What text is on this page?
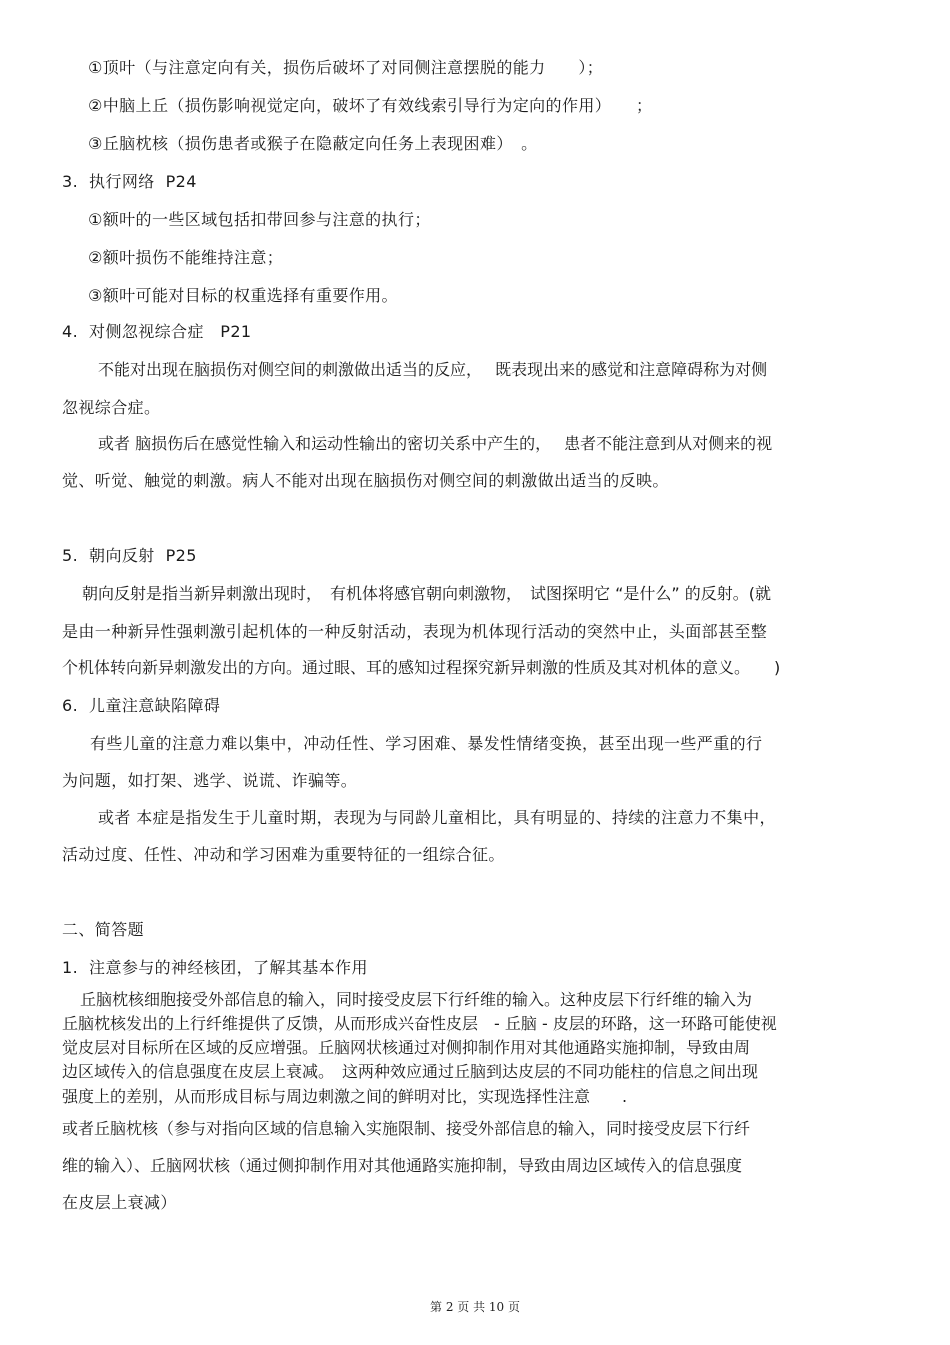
①顶叶（与注意定向有关，损伤后破坏了对同侧注意摆脱的能力　　）；
②中脑上丘（损伤影响视觉定向，破坏了有效线索引导行为定向的作用）　　；
③丘脑枕核（损伤患者或猴子在隐蔽定向任务上表现困难）　。
3.  执行网络  P24
①额叶的一些区域包括扣带回参与注意的执行；
②额叶损伤不能维持注意；
③额叶可能对目标的权重选择有重要作用。
4.  对侧忽视综合症   P21
不能对出现在脑损伤对侧空间的刺激做出适当的反应，　 既表现出来的感觉和注意障碍称为对侧
忽视综合症。
或者 脑损伤后在感觉性输入和运动性输出的密切关系中产生的，　 患者不能注意到从对侧来的视
觉、听觉、触觉的刺激。病人不能对出现在脑损伤对侧空间的刺激做出适当的反映。
5.  朝向反射  P25
朝向反射是指当新异刺激出现时，　有机体将感官朝向刺激物，　试图探明它 “是什么” 的反射。(就
是由一种新异性强刺激引起机体的一种反射活动，表现为机体现行活动的突然中止，头面部甚至整
个机体转向新异刺激发出的方向。通过眼、耳的感知过程探究新异刺激的性质及其对机体的意义。　　)
6.  儿童注意缺陷障碍
有些儿童的注意力难以集中，冲动任性、学习困难、暴发性情绪变换，甚至出现一些严重的行
为问题，如打架、逃学、说谎、诈骗等。
或者 本症是指发生于儿童时期，表现为与同龄儿童相比，具有明显的、持续的注意力不集中，
活动过度、任性、冲动和学习困难为重要特征的一组综合征。
二、简答题
1.  注意参与的神经核团，了解其基本作用
丘脑枕核细胞接受外部信息的输入，同时接受皮层下行纤维的输入。这种皮层下行纤维的输入为
丘脑枕核发出的上行纤维提供了反馈，从而形成兴奋性皮层　- 丘脑 - 皮层的环路，这一环路可能使视
觉皮层对目标所在区域的反应增强。丘脑网状核通过对侧抑制作用对其他通路实施抑制，导致由周
边区域传入的信息强度在皮层上衰减。　这两种效应通过丘脑到达皮层的不同功能柱的信息之间出现
强度上的差别，从而形成目标与周边刺激之间的鲜明对比，实现选择性注意　　.
或者丘脑枕核（参与对指向区域的信息输入实施限制、接受外部信息的输入，同时接受皮层下行纤
维的输入）、丘脑网状核（通过侧抑制作用对其他通路实施抑制，导致由周边区域传入的信息强度
在皮层上衰减）
第 2 页 共 10 页
